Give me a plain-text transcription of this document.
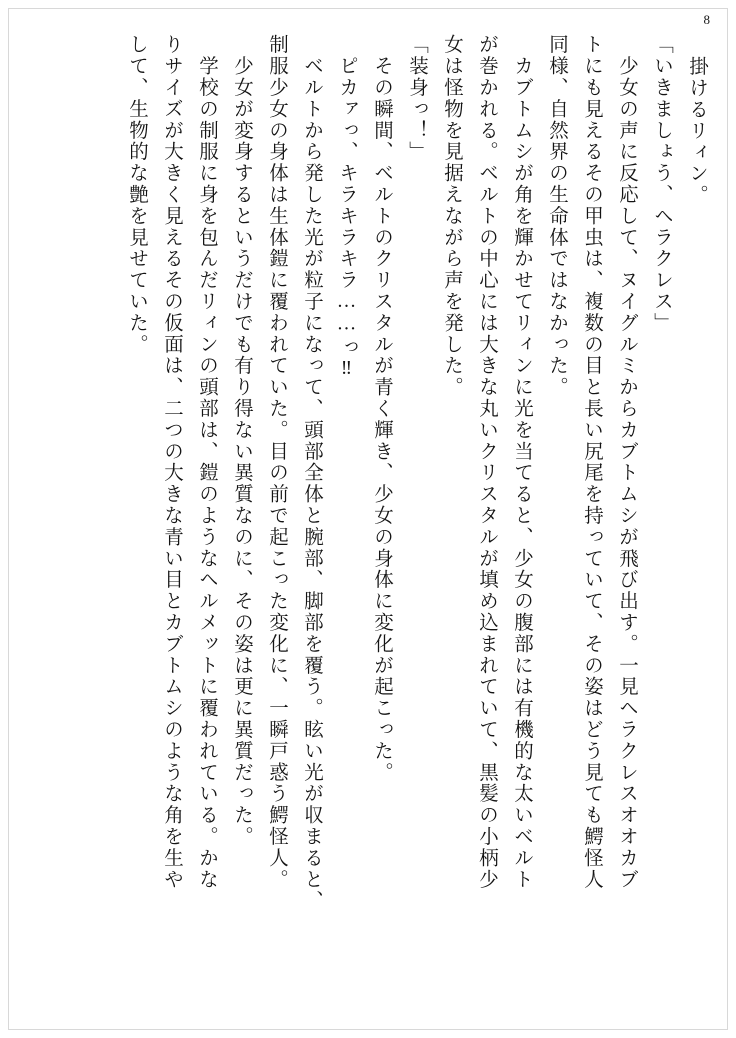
8
掛けるリィン。
「いきましょう、ヘラクレス」
　少女の声に反応して、ヌイグルミからカブトムシが飛び出す。一見ヘラクレスオオカブ
トにも見えるその甲虫は、複数の目と長い尻尾を持っていて、その姿はどう見ても鰐怪人
同様、自然界の生命体ではなかった。
　カブトムシが角を輝かせてリィンに光を当てると、少女の腹部には有機的な太いベルト
が巻かれる。ベルトの中心には大きな丸いクリスタルが填め込まれていて、黒髪の小柄少
女は怪物を見据えながら声を発した。
「装身っ！」
　その瞬間、ベルトのクリスタルが青く輝き、少女の身体に変化が起こった。
　ピカァっ、キラキラキラ……っ‼
　ベルトから発した光が粒子になって、頭部全体と腕部、脚部を覆う。眩い光が収まると、
制服少女の身体は生体鎧に覆われていた。目の前で起こった変化に、一瞬戸惑う鰐怪人。
　少女が変身するというだけでも有り得ない異質なのに、その姿は更に異質だった。
　学校の制服に身を包んだリィンの頭部は、鎧のようなヘルメットに覆われている。かな
りサイズが大きく見えるその仮面は、二つの大きな青い目とカブトムシのような角を生や
して、生物的な艶を見せていた。
